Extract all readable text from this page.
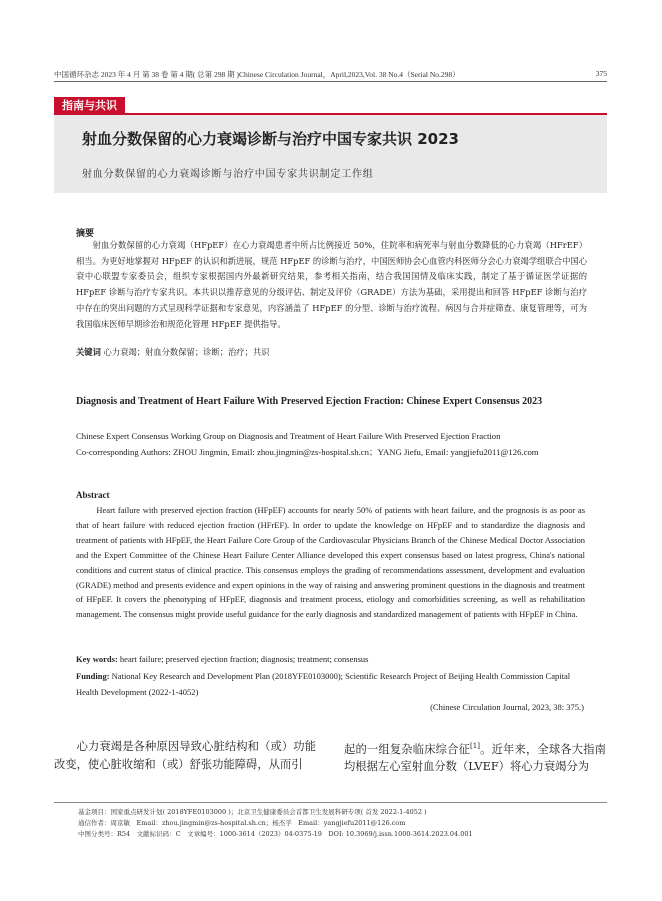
中国循环杂志 2023 年 4 月 第 38 卷 第 4 期( 总第 298 期 )Chinese Circulation Journal，April,2023,Vol. 38 No.4（Serial No.298）	375
指南与共识
射血分数保留的心力衰竭诊断与治疗中国专家共识 2023
射血分数保留的心力衰竭诊断与治疗中国专家共识制定工作组
摘要
射血分数保留的心力衰竭（HFpEF）在心力衰竭患者中所占比例接近 50%，住院率和病死率与射血分数降低的心力衰竭（HFrEF）相当。为更好地掌握对 HFpEF 的认识和新进展，规范 HFpEF 的诊断与治疗，中国医师协会心血管内科医师分会心力衰竭学组联合中国心衰中心联盟专家委员会，组织专家根据国内外最新研究结果，参考相关指南，结合我国国情及临床实践，制定了基于循证医学证据的 HFpEF 诊断与治疗专家共识。本共识以推荐意见的分级评估、制定及评价（GRADE）方法为基础，采用提出和回答 HFpEF 诊断与治疗中存在的突出问题的方式呈现科学证据和专家意见，内容涵盖了 HFpEF 的分型、诊断与治疗流程、病因与合并症筛查、康复管理等，可为我国临床医师早期诊治和规范化管理 HFpEF 提供指导。
关键词 心力衰竭；射血分数保留；诊断；治疗；共识
Diagnosis and Treatment of Heart Failure With Preserved Ejection Fraction: Chinese Expert Consensus 2023
Chinese Expert Consensus Working Group on Diagnosis and Treatment of Heart Failure With Preserved Ejection Fraction
Co-corresponding Authors: ZHOU Jingmin, Email: zhou.jingmin@zs-hospital.sh.cn；YANG Jiefu, Email: yangjiefu2011@126.com
Abstract
Heart failure with preserved ejection fraction (HFpEF) accounts for nearly 50% of patients with heart failure, and the prognosis is as poor as that of heart failure with reduced ejection fraction (HFrEF). In order to update the knowledge on HFpEF and to standardize the diagnosis and treatment of patients with HFpEF, the Heart Failure Core Group of the Cardiovascular Physicians Branch of the Chinese Medical Doctor Association and the Expert Committee of the Chinese Heart Failure Center Alliance developed this expert consensus based on latest progress, China's national conditions and current status of clinical practice. This consensus employs the grading of recommendations assessment, development and evaluation (GRADE) method and presents evidence and expert opinions in the way of raising and answering prominent questions in the diagnosis and treatment of HFpEF. It covers the phenotyping of HFpEF, diagnosis and treatment process, etiology and comorbidities screening, as well as rehabilitation management. The consensus might provide useful guidance for the early diagnosis and standardized management of patients with HFpEF in China.
Key words: heart failure; preserved ejection fraction; diagnosis; treatment; consensus
Funding: National Key Research and Development Plan (2018YFE0103000); Scientific Research Project of Beijing Health Commission Capital Health Development (2022-1-4052)
(Chinese Circulation Journal, 2023, 38: 375.)
心力衰竭是各种原因导致心脏结构和（或）功能改变，使心脏收缩和（或）舒张功能障碍，从而引
起的一组复杂临床综合征[1]。近年来，全球各大指南均根据左心室射血分数（LVEF）将心力衰竭分为
基金项目：国家重点研发计划( 2018YFE0103000 )；北京卫生健康委员会首都卫生发展科研专项( 首发 2022-1-4052 )
通信作者：周京敏　Email：zhou.jingmin@zs-hospital.sh.cn；杨杰孚　Email：yangjiefu2011@126.com
中图分类号：R54　文献标识码：C　文章编号：1000-3614（2023）04-0375-19　DOI: 10.3969/j.issn.1000-3614.2023.04.001
